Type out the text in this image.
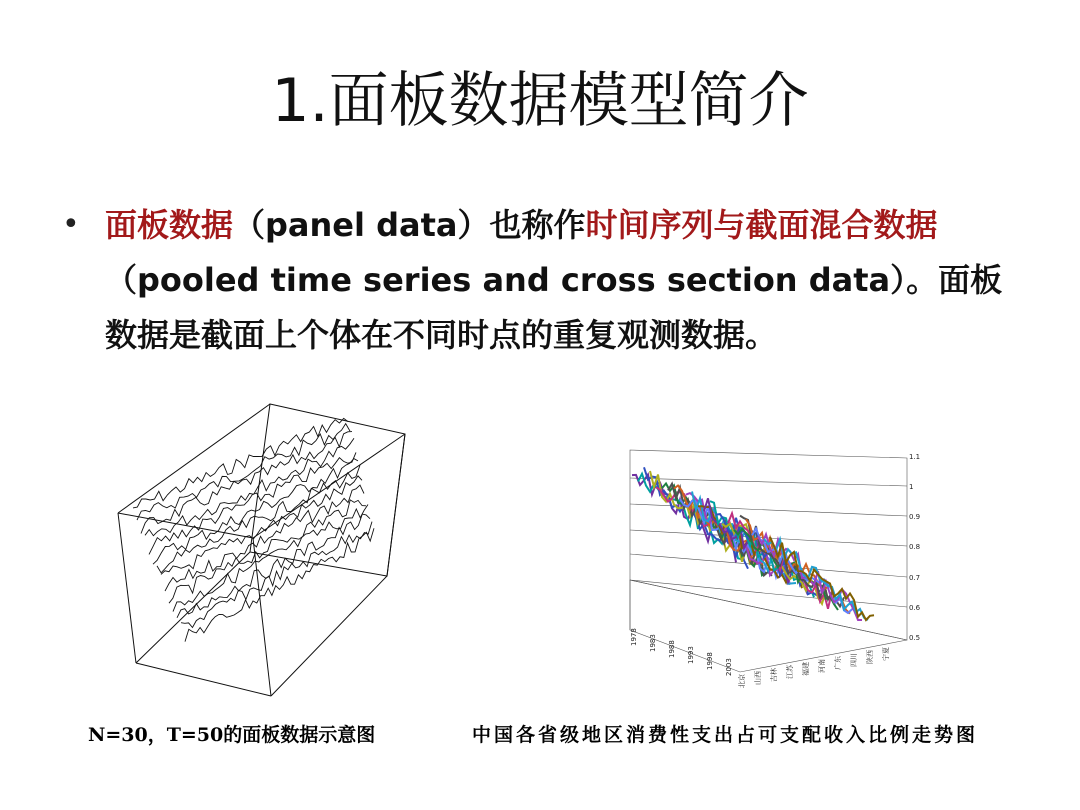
1.面板数据模型简介
• 面板数据（panel data）也称作时间序列与截面混合数据（pooled time series and cross section data）。面板数据是截面上个体在不同时点的重复观测数据。
1.1
1
0.9
0.8
0.7
0.6
0.5
1978 1983 1988 1993 1998 2003
北京 山西 吉林 江苏 福建 河南 广东 四川 陕西 宁夏
N=30，T=50的面板数据示意图	中国各省级地区消费性支出占可支配收入比例走势图
